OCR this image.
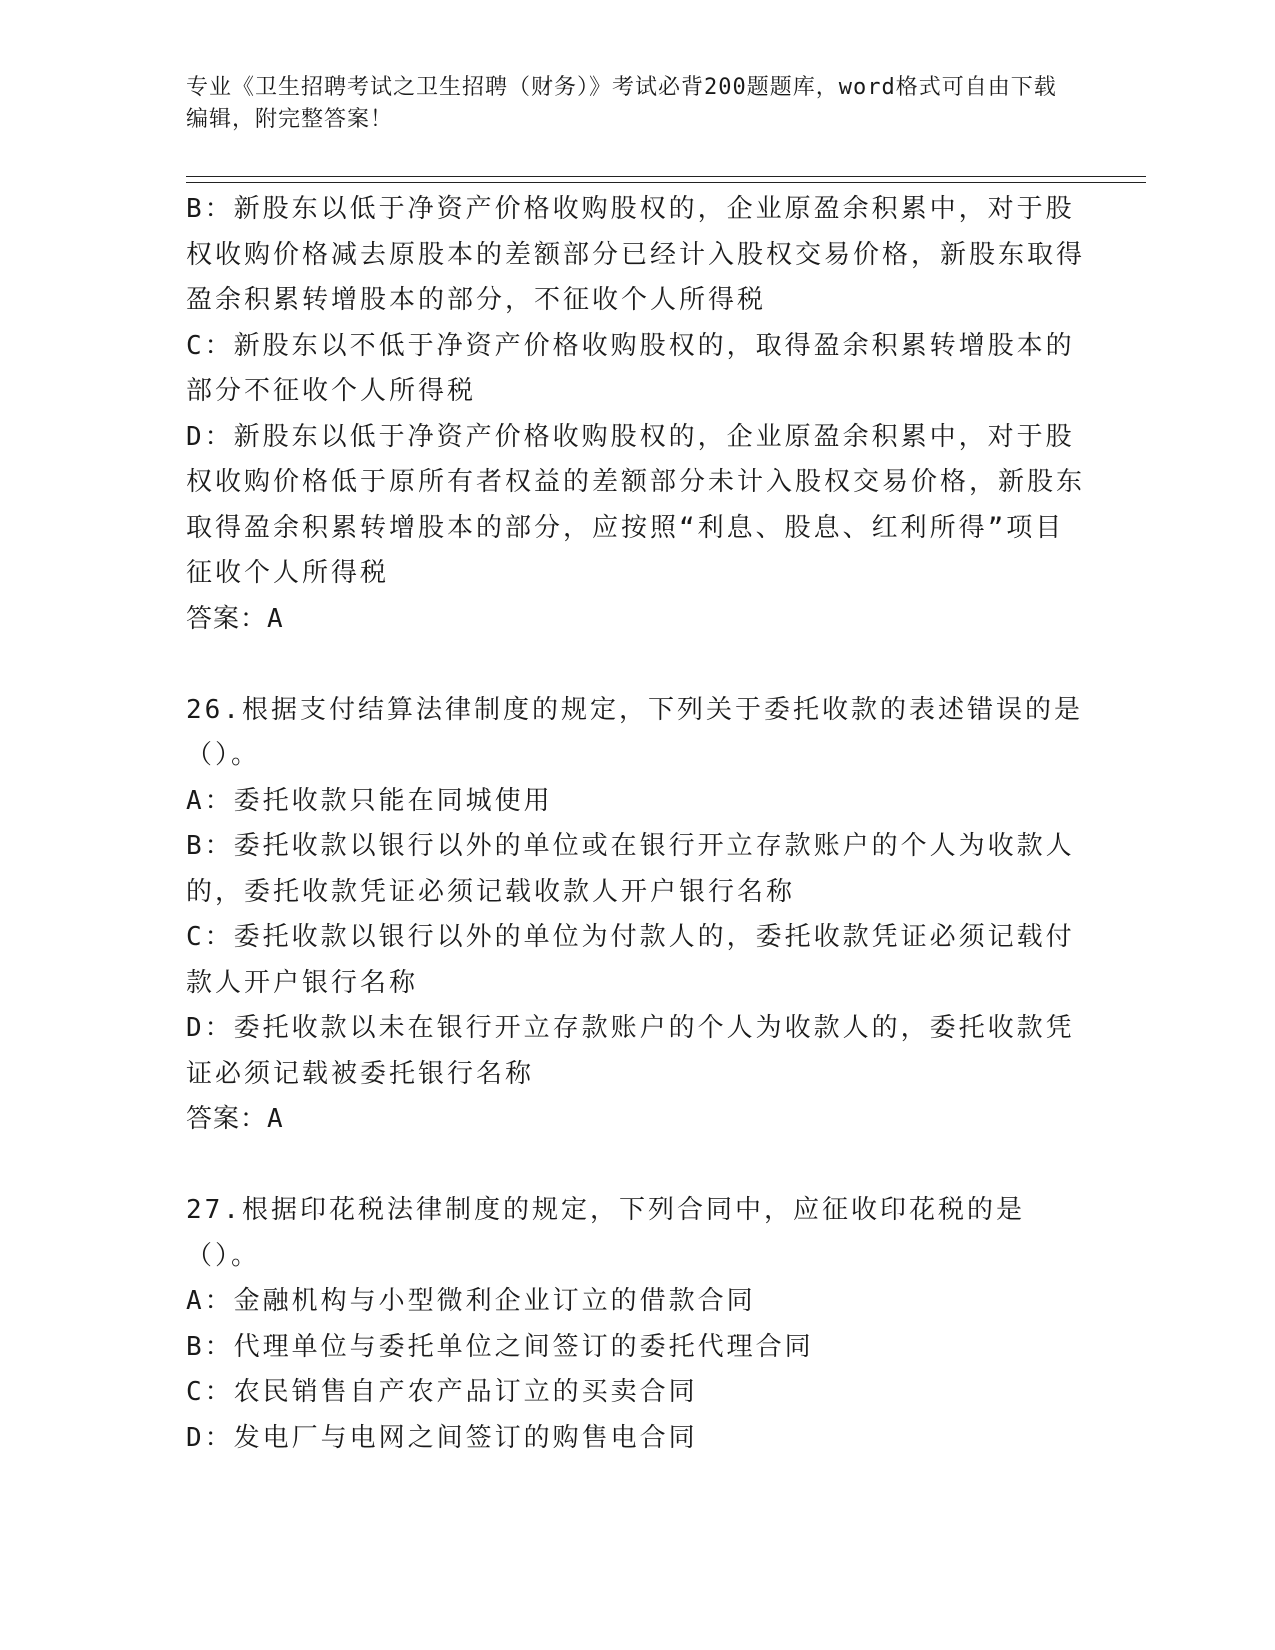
专业《卫生招聘考试之卫生招聘（财务）》考试必背200题题库，word格式可自由下载编辑，附完整答案！

B：新股东以低于净资产价格收购股权的，企业原盈余积累中，对于股权收购价格减去原股本的差额部分已经计入股权交易价格，新股东取得盈余积累转增股本的部分，不征收个人所得税

C：新股东以不低于净资产价格收购股权的，取得盈余积累转增股本的部分不征收个人所得税

D：新股东以低于净资产价格收购股权的，企业原盈余积累中，对于股权收购价格低于原所有者权益的差额部分未计入股权交易价格，新股东取得盈余积累转增股本的部分，应按照“利息、股息、红利所得”项目征收个人所得税

答案：A

26.根据支付结算法律制度的规定，下列关于委托收款的表述错误的是（）。

A：委托收款只能在同城使用

B：委托收款以银行以外的单位或在银行开立存款账户的个人为收款人的，委托收款凭证必须记载收款人开户银行名称

C：委托收款以银行以外的单位为付款人的，委托收款凭证必须记载付款人开户银行名称

D：委托收款以未在银行开立存款账户的个人为收款人的，委托收款凭证必须记载被委托银行名称

答案：A

27.根据印花税法律制度的规定，下列合同中，应征收印花税的是（）。

A：金融机构与小型微利企业订立的借款合同

B：代理单位与委托单位之间签订的委托代理合同

C：农民销售自产农产品订立的买卖合同

D：发电厂与电网之间签订的购售电合同
